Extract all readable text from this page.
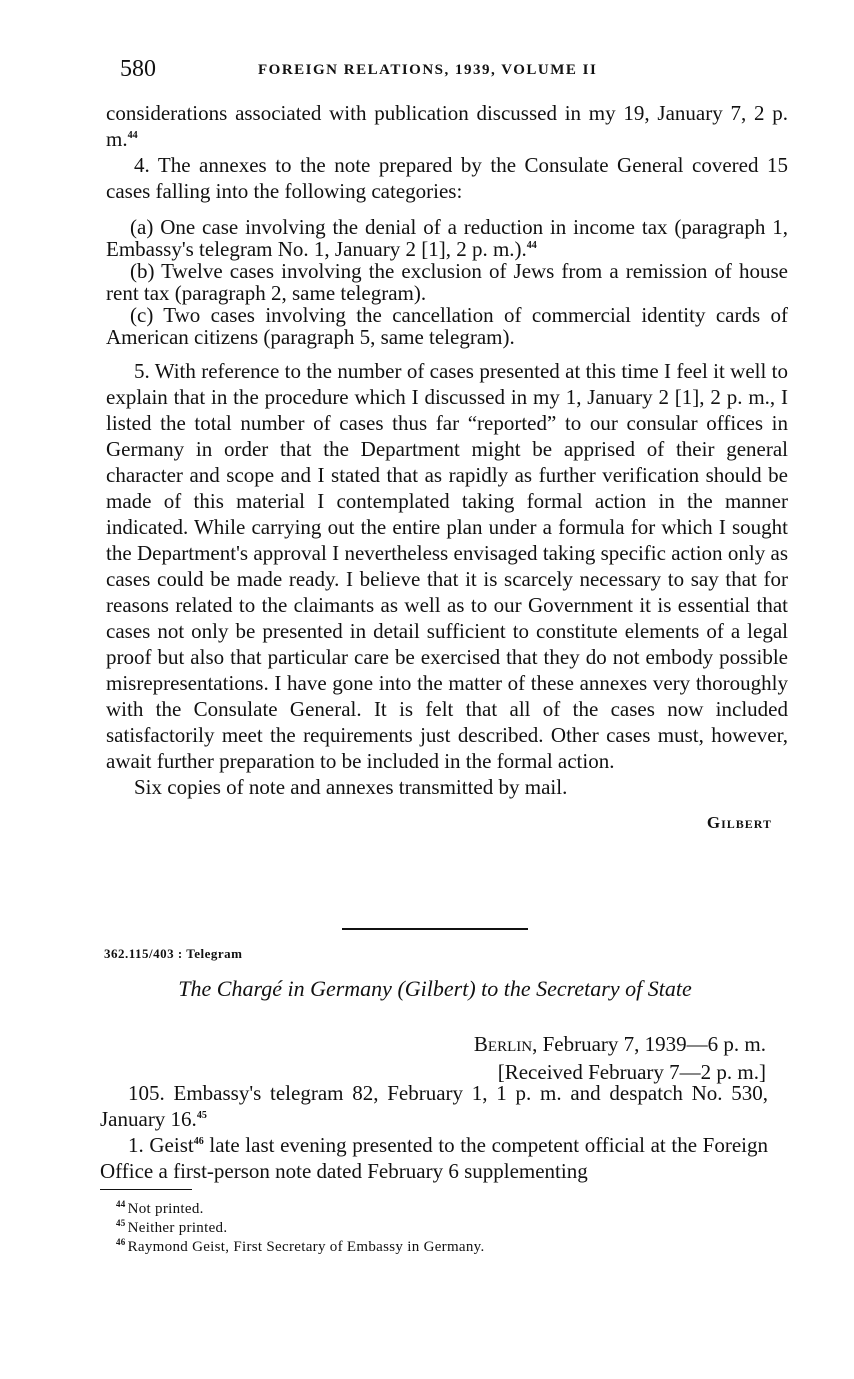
580	FOREIGN RELATIONS, 1939, VOLUME II

considerations associated with publication discussed in my 19, January 7, 2 p. m.$^{44}$

4. The annexes to the note prepared by the Consulate General covered 15 cases falling into the following categories:

(a) One case involving the denial of a reduction in income tax (paragraph 1, Embassy's telegram No. 1, January 2 [1], 2 p. m.).$^{44}$

(b) Twelve cases involving the exclusion of Jews from a remission of house rent tax (paragraph 2, same telegram).

(c) Two cases involving the cancellation of commercial identity cards of American citizens (paragraph 5, same telegram).

5. With reference to the number of cases presented at this time I feel it well to explain that in the procedure which I discussed in my 1, January 2 [1], 2 p. m., I listed the total number of cases thus far “reported” to our consular offices in Germany in order that the Department might be apprised of their general character and scope and I stated that as rapidly as further verification should be made of this material I contemplated taking formal action in the manner indicated. While carrying out the entire plan under a formula for which I sought the Department's approval I nevertheless envisaged taking specific action only as cases could be made ready. I believe that it is scarcely necessary to say that for reasons related to the claimants as well as to our Government it is essential that cases not only be presented in detail sufficient to constitute elements of a legal proof but also that particular care be exercised that they do not embody possible misrepresentations. I have gone into the matter of these annexes very thoroughly with the Consulate General. It is felt that all of the cases now included satisfactorily meet the requirements just described. Other cases must, however, await further preparation to be included in the formal action.

Six copies of note and annexes transmitted by mail.

Gilbert
362.115/403 : Telegram
The Chargé in Germany (Gilbert) to the Secretary of State
Berlin, February 7, 1939—6 p. m.
[Received February 7—2 p. m.]

105. Embassy's telegram 82, February 1, 1 p. m. and despatch No. 530, January 16.45

1. Geist$^{46}$ late last evening presented to the competent official at the Foreign Office a first-person note dated February 6 supplementing

$^{44}$ Not printed.
$^{45}$ Neither printed.
$^{46}$ Raymond Geist, First Secretary of Embassy in Germany.
